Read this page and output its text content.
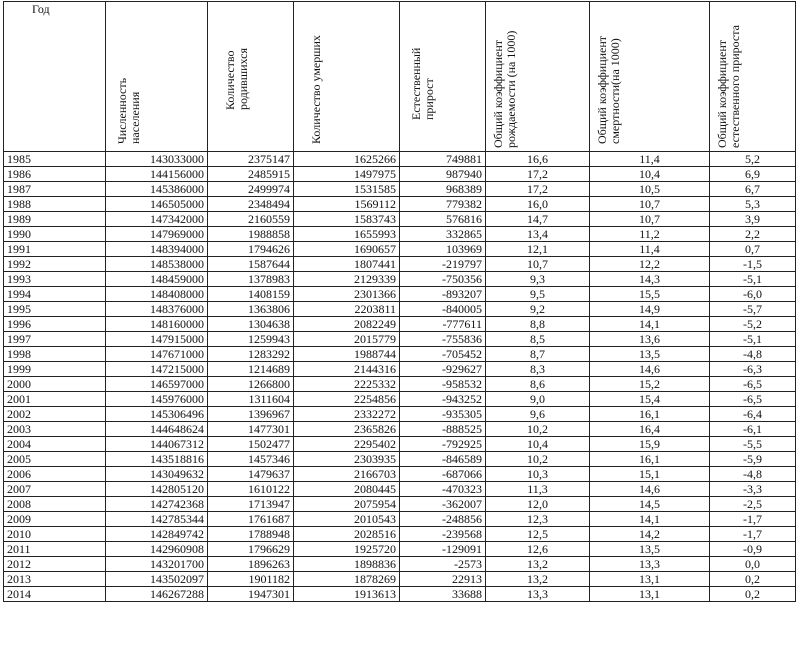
Год	Численность населения	Количество родившихся	Количество умерших	Естественный прирост	Общий коэффициент рождаемости (на 1000)	Общий коэффициент смертности(на 1000)	Общий коэффициент естественного прироста

1985	143033000	2375147	1625266	749881	16,6	11,4	5,2
1986	144156000	2485915	1497975	987940	17,2	10,4	6,9
1987	145386000	2499974	1531585	968389	17,2	10,5	6,7
1988	146505000	2348494	1569112	779382	16,0	10,7	5,3
1989	147342000	2160559	1583743	576816	14,7	10,7	3,9
1990	147969000	1988858	1655993	332865	13,4	11,2	2,2
1991	148394000	1794626	1690657	103969	12,1	11,4	0,7
1992	148538000	1587644	1807441	-219797	10,7	12,2	-1,5
1993	148459000	1378983	2129339	-750356	9,3	14,3	-5,1
1994	148408000	1408159	2301366	-893207	9,5	15,5	-6,0
1995	148376000	1363806	2203811	-840005	9,2	14,9	-5,7
1996	148160000	1304638	2082249	-777611	8,8	14,1	-5,2
1997	147915000	1259943	2015779	-755836	8,5	13,6	-5,1
1998	147671000	1283292	1988744	-705452	8,7	13,5	-4,8
1999	147215000	1214689	2144316	-929627	8,3	14,6	-6,3
2000	146597000	1266800	2225332	-958532	8,6	15,2	-6,5
2001	145976000	1311604	2254856	-943252	9,0	15,4	-6,5
2002	145306496	1396967	2332272	-935305	9,6	16,1	-6,4
2003	144648624	1477301	2365826	-888525	10,2	16,4	-6,1
2004	144067312	1502477	2295402	-792925	10,4	15,9	-5,5
2005	143518816	1457346	2303935	-846589	10,2	16,1	-5,9
2006	143049632	1479637	2166703	-687066	10,3	15,1	-4,8
2007	142805120	1610122	2080445	-470323	11,3	14,6	-3,3
2008	142742368	1713947	2075954	-362007	12,0	14,5	-2,5
2009	142785344	1761687	2010543	-248856	12,3	14,1	-1,7
2010	142849742	1788948	2028516	-239568	12,5	14,2	-1,7
2011	142960908	1796629	1925720	-129091	12,6	13,5	-0,9
2012	143201700	1896263	1898836	-2573	13,2	13,3	0,0
2013	143502097	1901182	1878269	22913	13,2	13,1	0,2
2014	146267288	1947301	1913613	33688	13,3	13,1	0,2
